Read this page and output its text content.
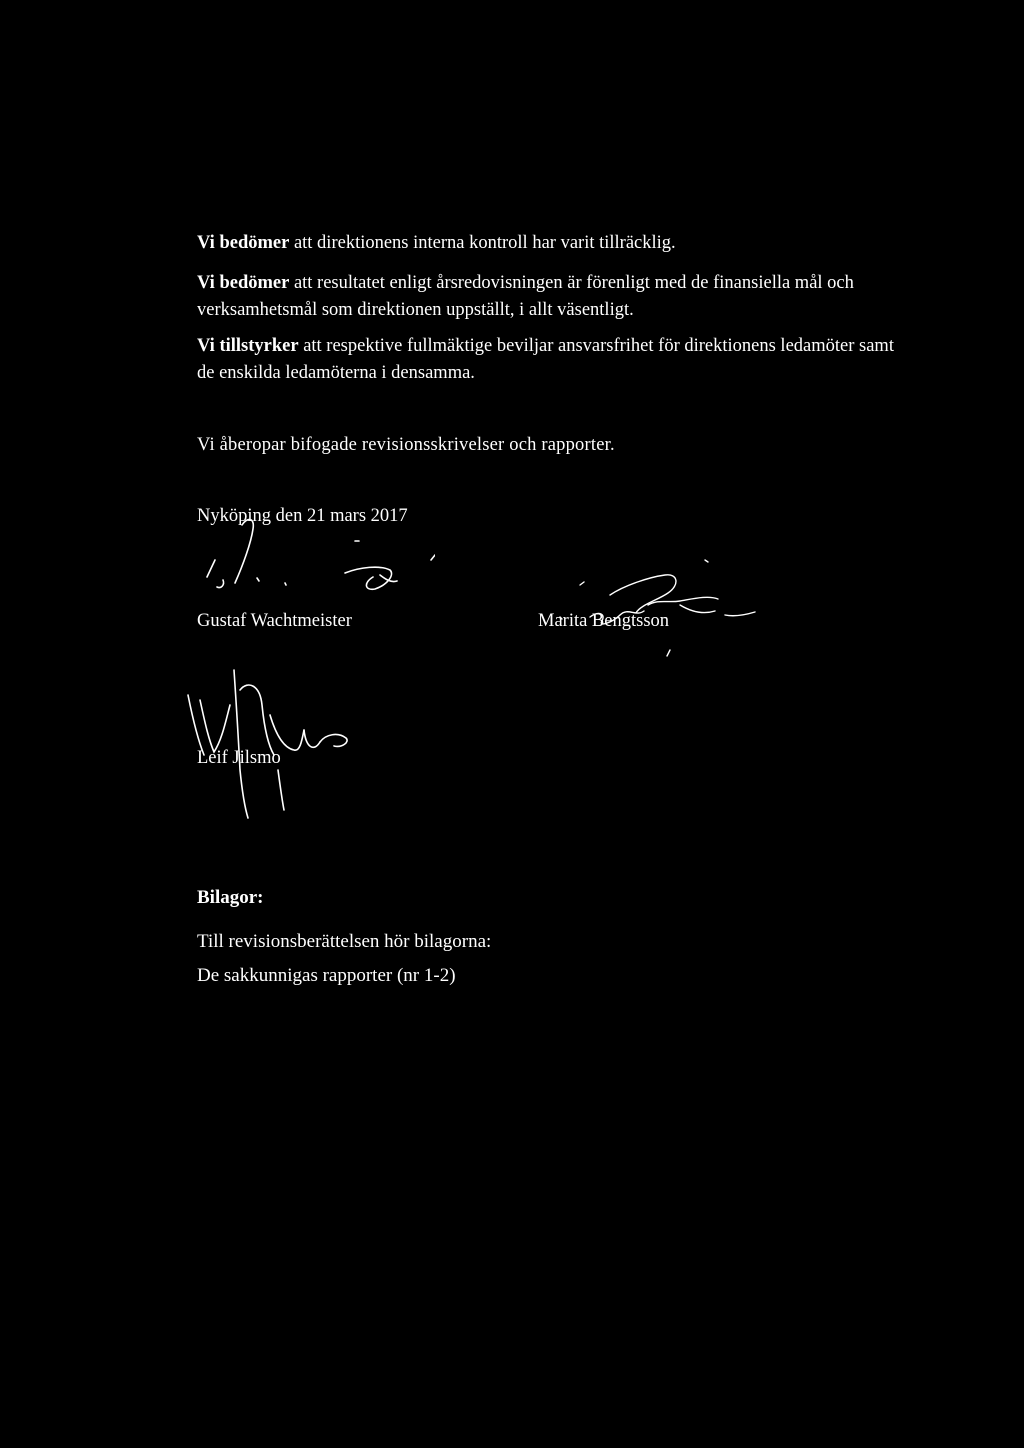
Vi bedömer att direktionens interna kontroll har varit tillräcklig.
Vi bedömer att resultatet enligt årsredovisningen är förenligt med de finansiella mål och verksamhetsmål som direktionen uppställt, i allt väsentligt.
Vi tillstyrker att respektive fullmäktige beviljar ansvarsfrihet för direktionens ledamöter samt de enskilda ledamöterna i densamma.
Vi åberopar bifogade revisionsskrivelser och rapporter.
Nyköping den 21 mars 2017
Gustaf Wachtmeister	Marita Bengtsson
Leif Jilsmo
Bilagor:
Till revisionsberättelsen hör bilagorna:
De sakkunnigas rapporter (nr 1-2)
